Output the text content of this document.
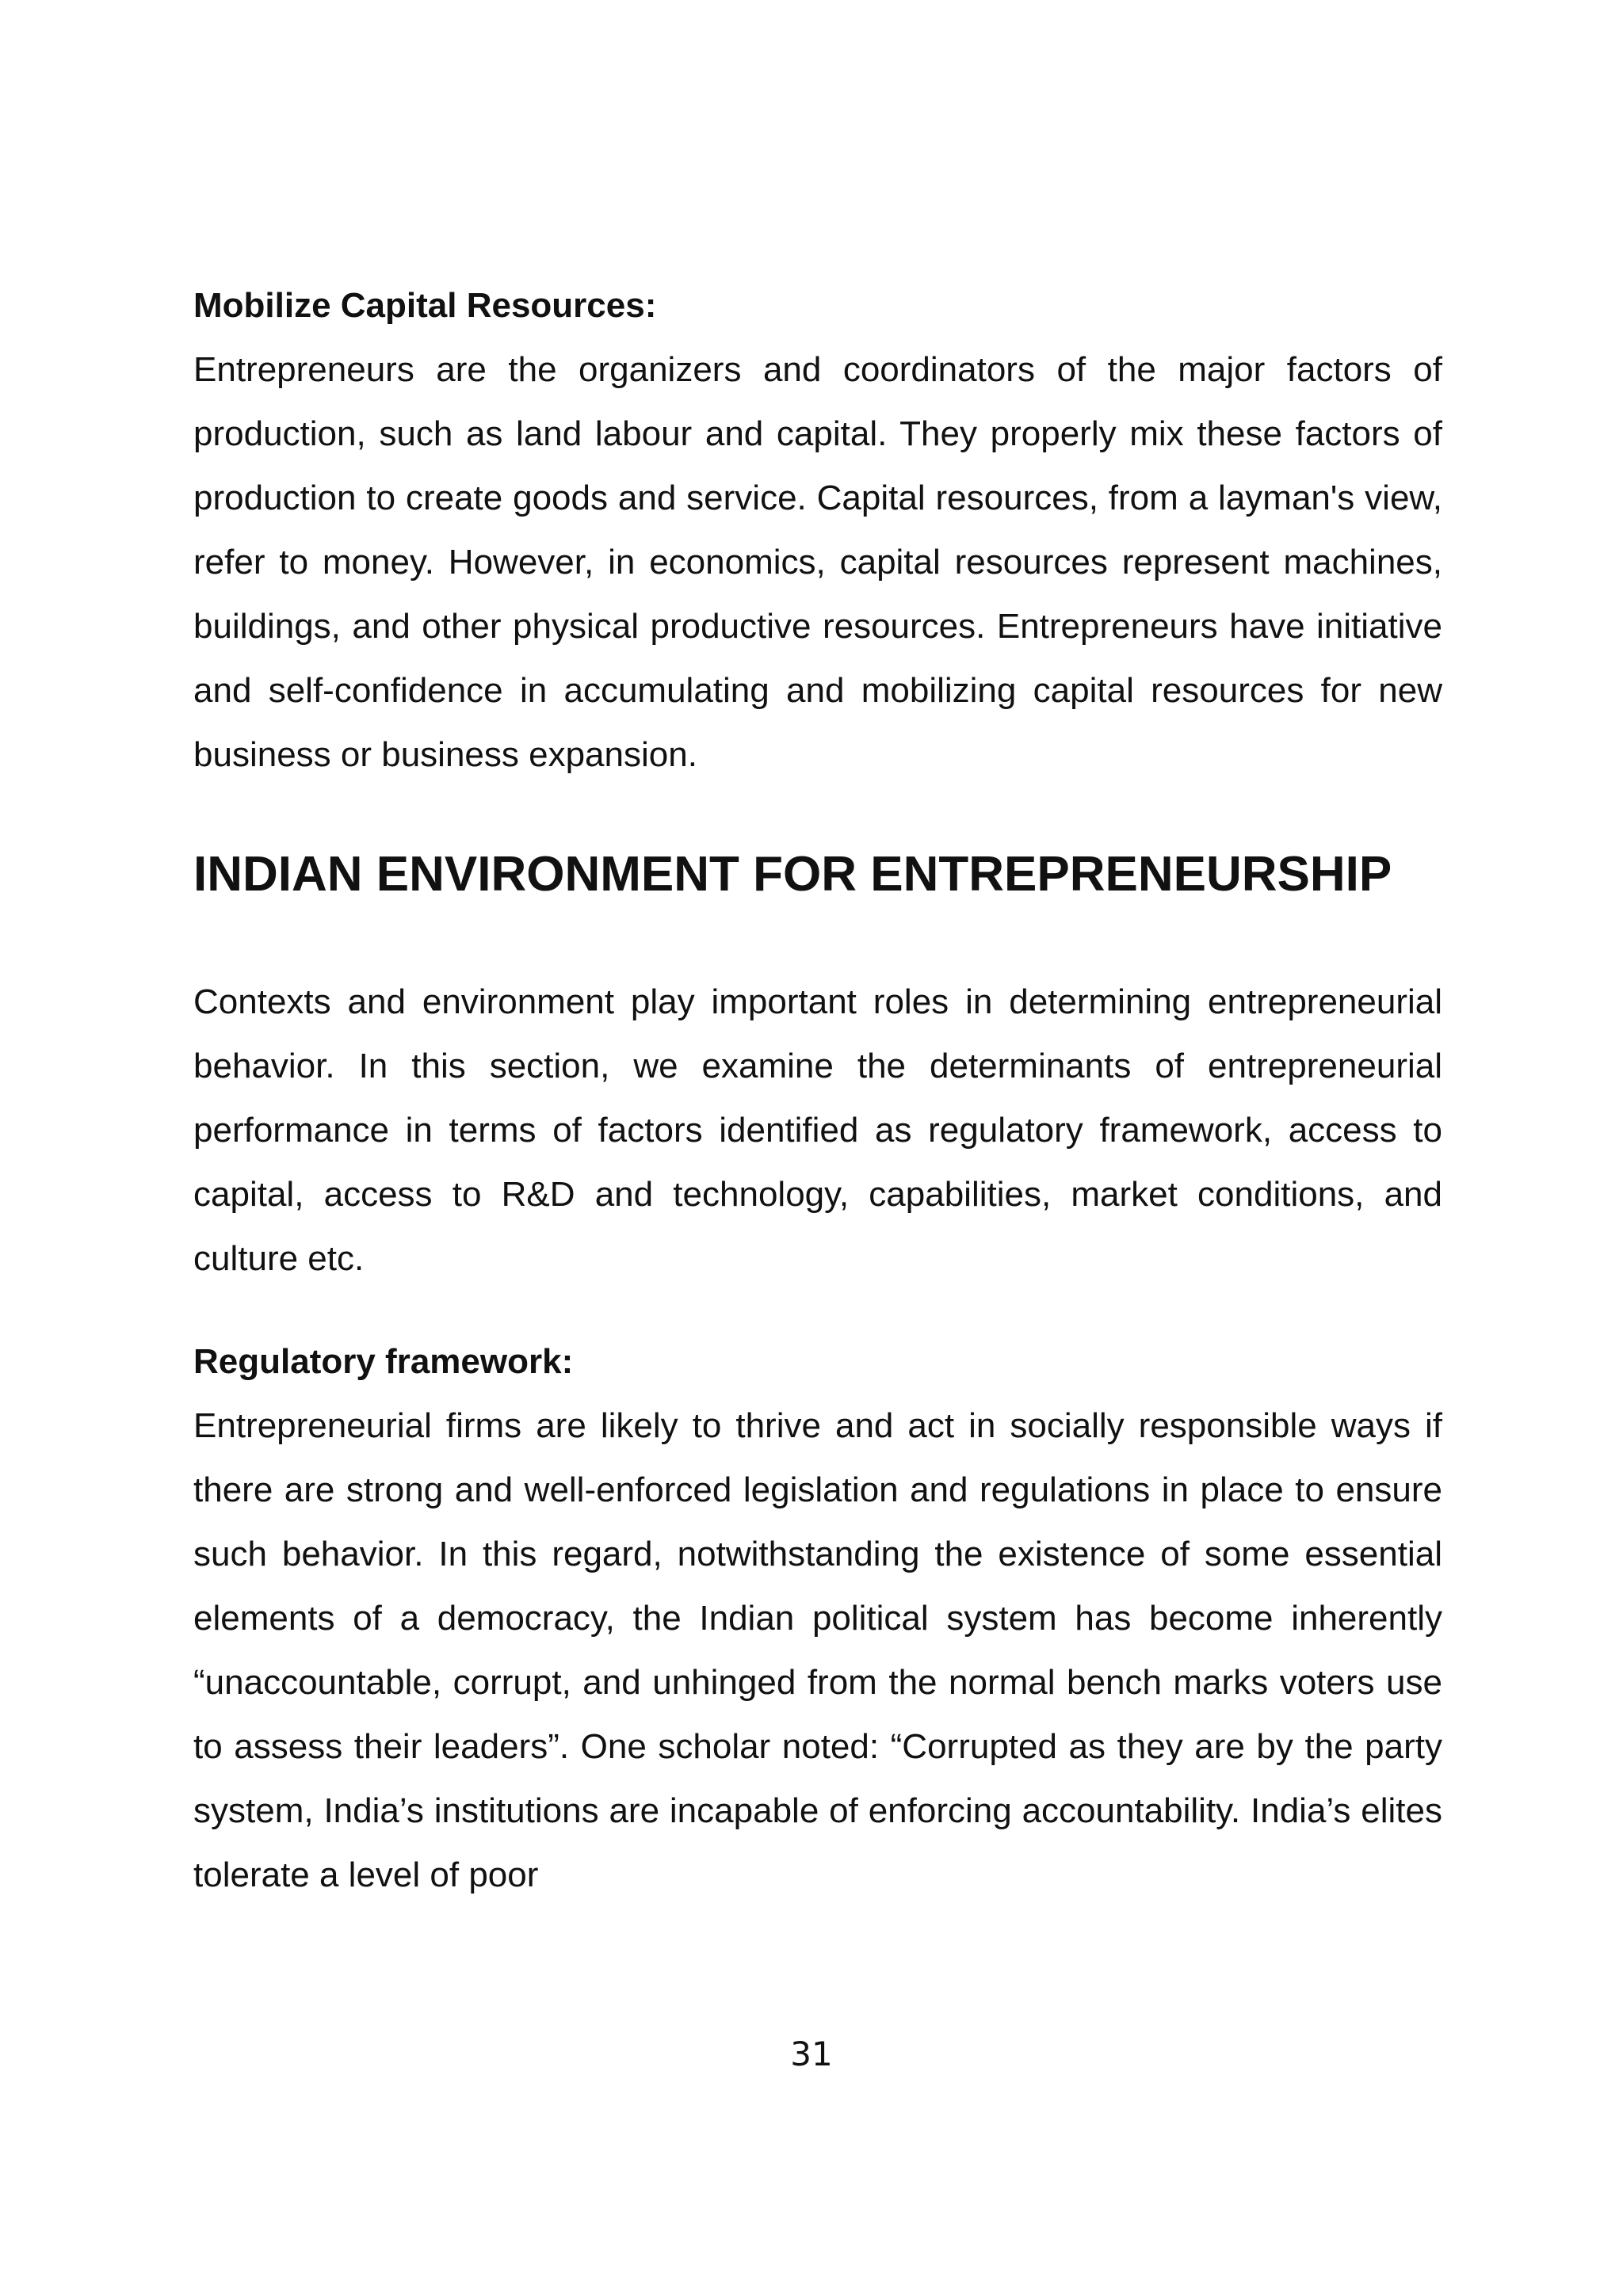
Mobilize Capital Resources:

Entrepreneurs are the organizers and coordinators of the major factors of production, such as land labour and capital. They properly mix these factors of production to create goods and service. Capital resources, from a layman's view, refer to money. However, in economics, capital resources represent machines, buildings, and other physical productive resources. Entrepreneurs have initiative and self-confidence in accumulating and mobilizing capital resources for new business or business expansion.

INDIAN ENVIRONMENT FOR ENTREPRENEURSHIP

Contexts and environment play important roles in determining entrepreneurial behavior. In this section, we examine the determinants of entrepreneurial performance in terms of factors identified as regulatory framework, access to capital, access to R&D and technology, capabilities, market conditions, and culture etc.

Regulatory framework:

Entrepreneurial firms are likely to thrive and act in socially responsible ways if there are strong and well-enforced legislation and regulations in place to ensure such behavior. In this regard, notwithstanding the existence of some essential elements of a democracy, the Indian political system has become inherently “unaccountable, corrupt, and unhinged from the normal bench marks voters use to assess their leaders”. One scholar noted: “Corrupted as they are by the party system, India’s institutions are incapable of enforcing accountability. India’s elites tolerate a level of poor

31
